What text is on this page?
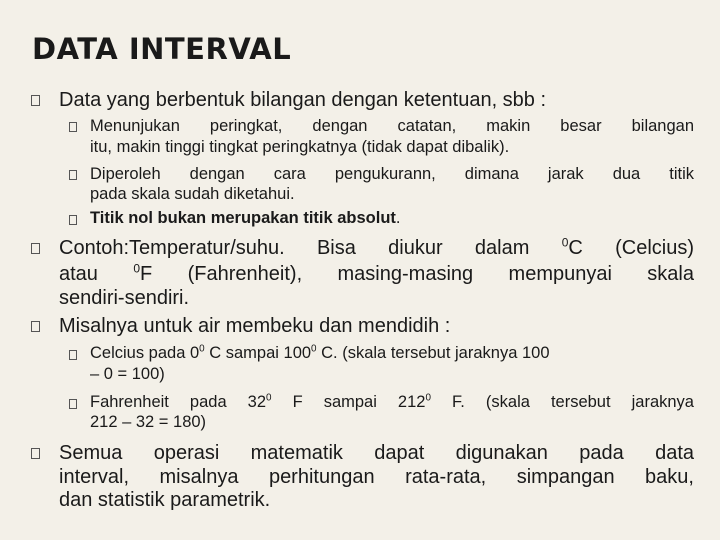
DATA INTERVAL
Data yang berbentuk bilangan dengan ketentuan, sbb :
Menunjukan peringkat, dengan catatan, makin besar bilangan
itu, makin tinggi tingkat peringkatnya (tidak dapat dibalik).
Diperoleh dengan cara pengukurann, dimana jarak dua titik
pada skala sudah diketahui.
Titik nol bukan merupakan titik absolut.
Contoh:Temperatur/suhu. Bisa diukur dalam $^0$C (Celcius)
atau $^0$F (Fahrenheit), masing-masing mempunyai skala
sendiri-sendiri.
Misalnya untuk air membeku dan mendidih :
Celcius pada $0^0$ C sampai $100^0$ C. (skala tersebut jaraknya 100
– 0 = 100)
Fahrenheit pada $32^0$ F sampai $212^0$ F. (skala tersebut jaraknya
212 – 32 = 180)
Semua operasi matematik dapat digunakan pada data
interval, misalnya perhitungan rata-rata, simpangan baku,
dan statistik parametrik.
